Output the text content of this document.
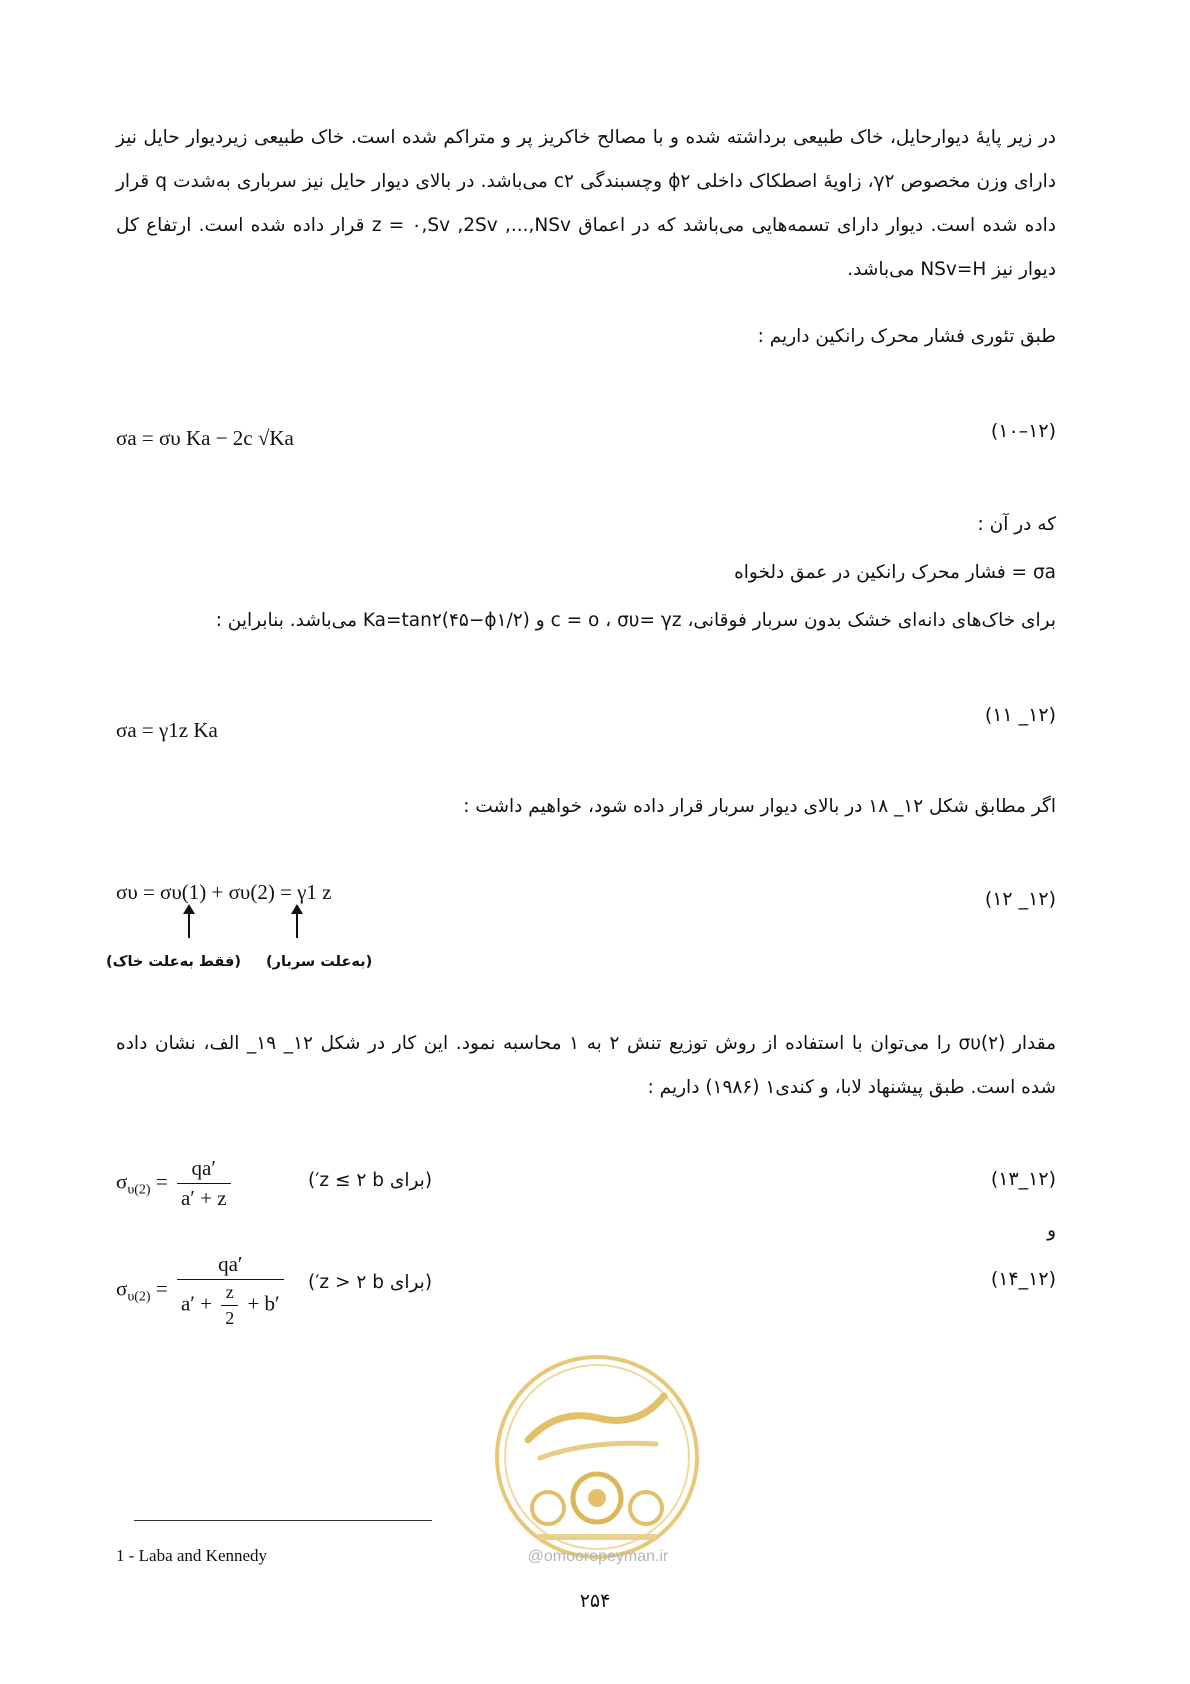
در زیر پایهٔ دیوارحایل، خاک طبیعی برداشته شده و با مصالح خاکریز پر و متراکم شده است. خاک طبیعی زیردیوار حایل نیز دارای وزن مخصوص γ۲، زاویهٔ اصطکاک داخلی ϕ۲ وچسبندگی c۲ می‌باشد. در بالای دیوار حایل نیز سرباری به‌شدت q قرار داده شده است. دیوار دارای تسمه‌هایی می‌باشد که در اعماق z = ۰,Sv ,2Sv ,...,NSv قرار داده شده است. ارتفاع کل دیوار نیز NSv=H می‌باشد.
طبق تئوری فشار محرک رانکین داریم :
σa = συ Ka − 2c √Ka	(۱۰–۱۲)
که در آن :
σa = فشار محرک رانکین در عمق دلخواه
برای خاک‌های دانه‌ای خشک بدون سربار فوقانی، c = o ، συ= γz و Ka=tan۲(۴۵−ϕ۱/۲) می‌باشد. بنابراین :
σa = γ1z Ka
(۱۱ _۱۲)
اگر مطابق شکل ۱۲_ ۱۸ در بالای دیوار سربار قرار داده شود، خواهیم داشت :
συ = συ(1) + συ(2) = γ1 z	(۱۲ _۱۲)
(فقط به‌علت خاک) (به‌علت سربار)
مقدار συ(۲) را می‌توان با استفاده از روش توزیع تنش ۲ به ۱ محاسبه نمود. این کار در شکل ۱۲_ ۱۹_ الف، نشان داده شده است. طبق پیشنهاد لابا، و کندی۱ (۱۹۸۶) داریم :
$\sigma_{\upsilon(2)} = \frac{qa'}{a' + z}$	(برای z ≤ ۲ b′)	(۱۳_۱۲)
و
$\sigma_{\upsilon(2)} = \frac{qa'}{a' + \frac{z}{2} + b'}$ (برای z > ۲ b′)	(۱۴_۱۲)
@omoorepeyman.ir
1 - Laba and Kennedy
۲۵۴
